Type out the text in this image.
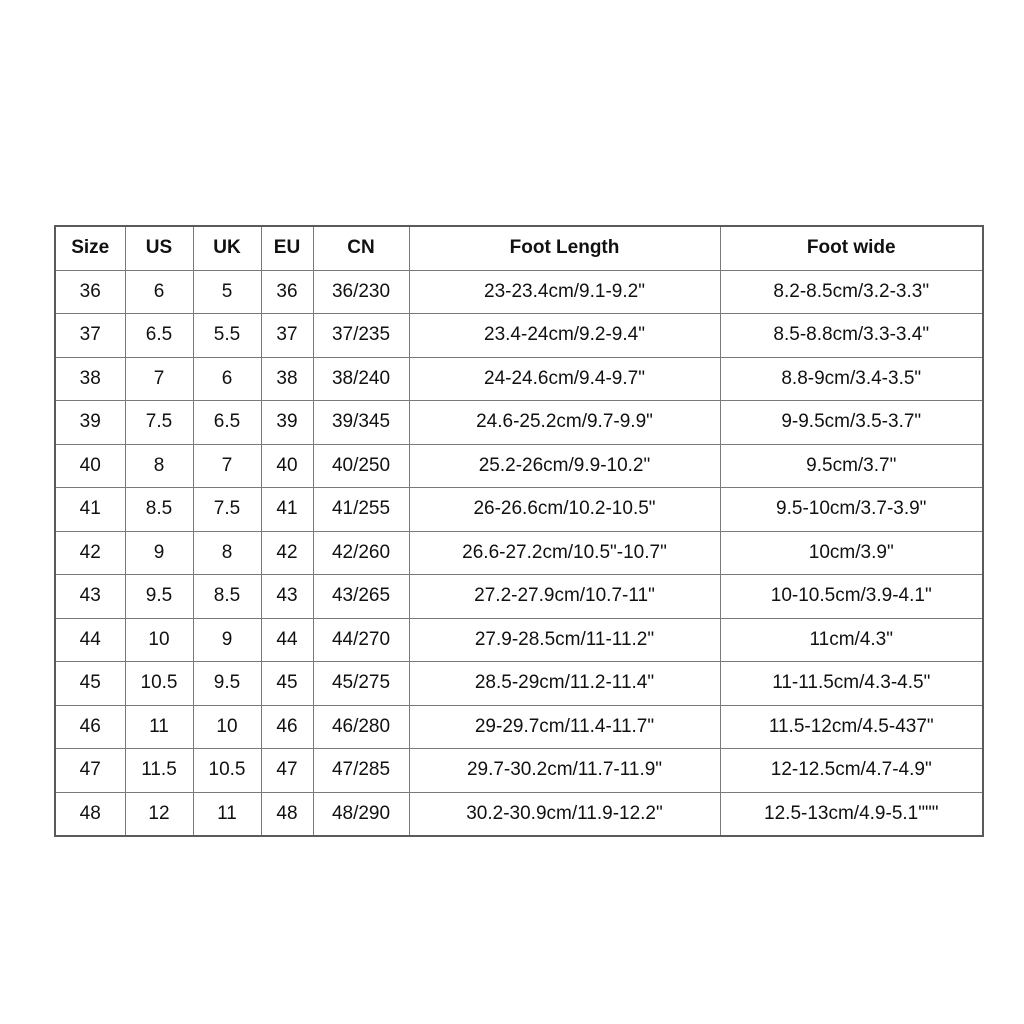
Size	US	UK	EU	CN	Foot Length	Foot wide
36	6	5	36	36/230	23-23.4cm/9.1-9.2"	8.2-8.5cm/3.2-3.3"
37	6.5	5.5	37	37/235	23.4-24cm/9.2-9.4"	8.5-8.8cm/3.3-3.4"
38	7	6	38	38/240	24-24.6cm/9.4-9.7"	8.8-9cm/3.4-3.5"
39	7.5	6.5	39	39/345	24.6-25.2cm/9.7-9.9"	9-9.5cm/3.5-3.7"
40	8	7	40	40/250	25.2-26cm/9.9-10.2"	9.5cm/3.7"
41	8.5	7.5	41	41/255	26-26.6cm/10.2-10.5"	9.5-10cm/3.7-3.9"
42	9	8	42	42/260	26.6-27.2cm/10.5"-10.7"	10cm/3.9"
43	9.5	8.5	43	43/265	27.2-27.9cm/10.7-11"	10-10.5cm/3.9-4.1"
44	10	9	44	44/270	27.9-28.5cm/11-11.2"	11cm/4.3"
45	10.5	9.5	45	45/275	28.5-29cm/11.2-11.4"	11-11.5cm/4.3-4.5"
46	11	10	46	46/280	29-29.7cm/11.4-11.7"	11.5-12cm/4.5-437"
47	11.5	10.5	47	47/285	29.7-30.2cm/11.7-11.9"	12-12.5cm/4.7-4.9"
48	12	11	48	48/290	30.2-30.9cm/11.9-12.2"	12.5-13cm/4.9-5.1"""
